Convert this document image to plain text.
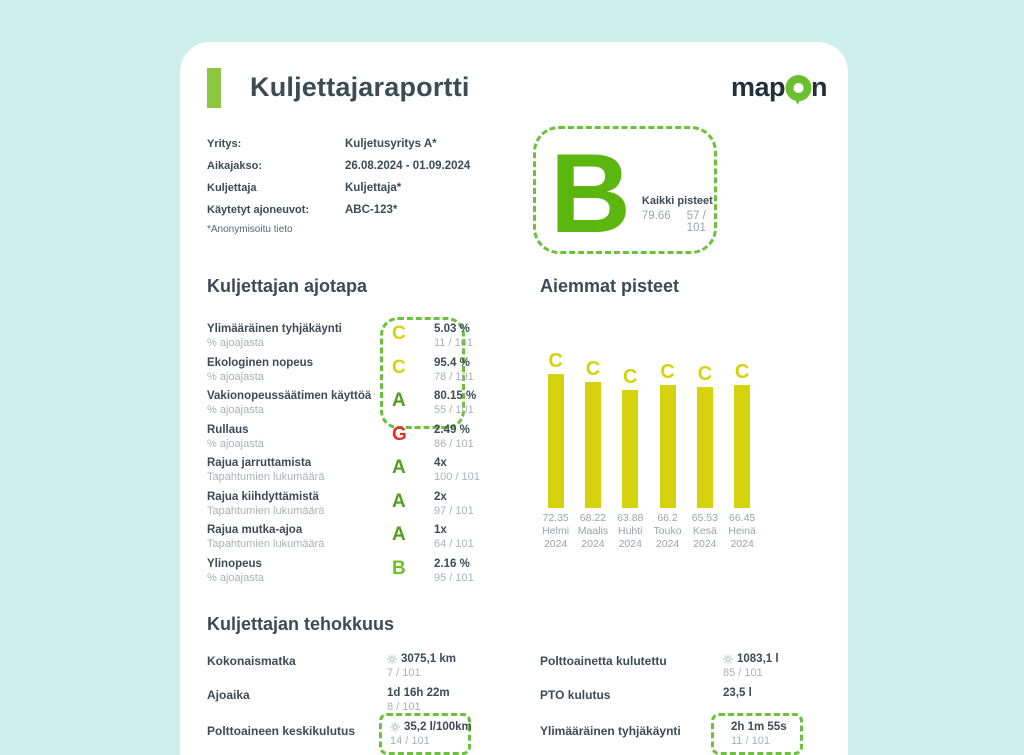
Kuljettajaraportti	map n
Yritys:	Kuljetusyritys A*
Aikajakso:	26.08.2024 - 01.09.2024
Kuljettaja	Kuljettaja*
Käytetyt ajoneuvot:	ABC-123*
*Anonymisoitu tieto B Kaikki pisteet
79.66 57 / 101
Kuljettajan ajotapa	Aiemmat pisteet
Ylimääräinen tyhjäkäynti
% ajoajasta	C	5.03 %
11 / 101
Ekologinen nopeus
% ajoajasta	C	95.4 %
78 / 101
Vakionopeussäätimen käyttöä
% ajoajasta	A	80.15 %
55 / 101
Rullaus
% ajoajasta	G	2.49 %
86 / 101
Rajua jarruttamista
Tapahtumien lukumäärä	A	4x
100 / 101
Rajua kiihdyttämistä
Tapahtumien lukumäärä	A	2x
97 / 101
Rajua mutka-ajoa
Tapahtumien lukumäärä	A	1x
64 / 101
Ylinopeus
% ajoajasta	B	2.16 %
95 / 101
C C C C C C
72.35
Helmi
2024
68.22
Maalis
2024
63.88
Huhti
2024
66.2
Touko
2024
65.53
Kesä
2024
66.45
Heinä
2024
Kuljettajan tehokkuus
Kokonaismatka	3075,1 km
7 / 101
Ajoaika	1d 16h 22m
8 / 101
Polttoaineen keskikulutus	35,2 l/100km
14 / 101
Polttoainetta kulutettu	1083,1 l
85 / 101
PTO kulutus	23,5 l
Ylimääräinen tyhjäkäynti	2h 1m 55s
11 / 101
